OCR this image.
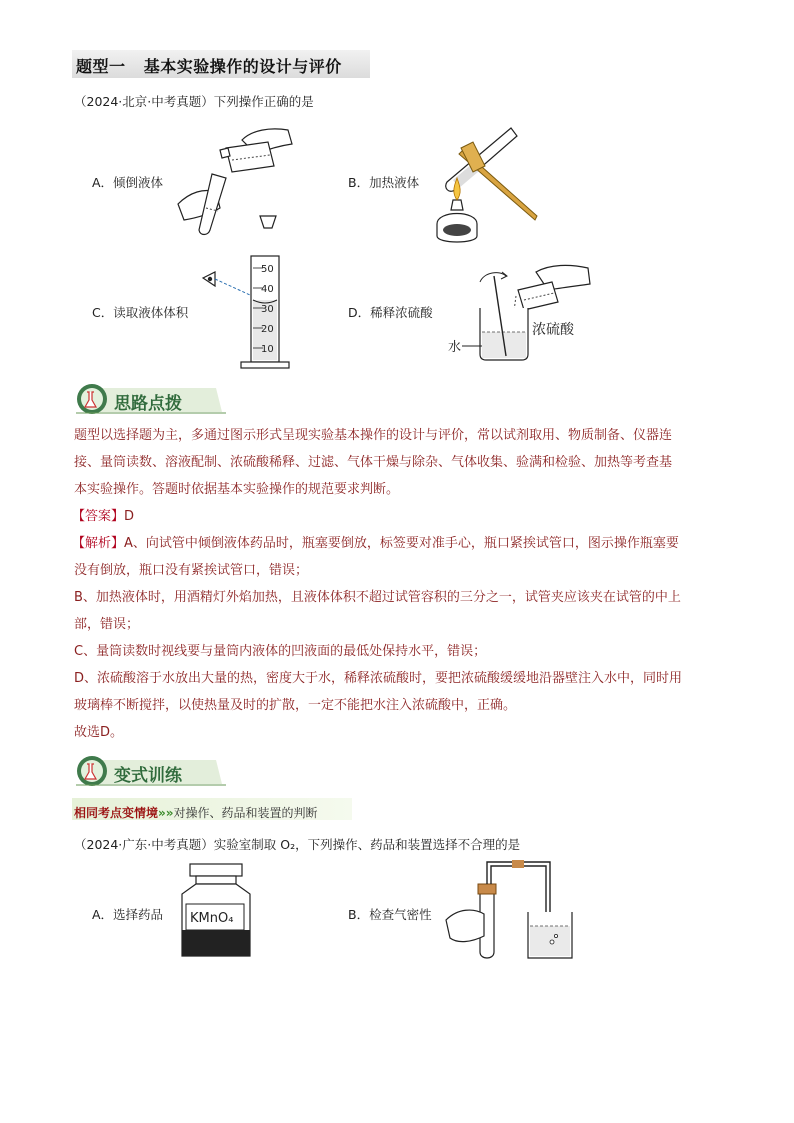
题型一   基本实验操作的设计与评价
（2024·北京·中考真题）下列操作正确的是
A．倾倒液体	B．加热液体
C．读取液体体积	D．稀释浓硫酸
50
40
30
20
10	水
浓硫酸
思路点拨
题型以选择题为主，多通过图示形式呈现实验基本操作的设计与评价，常以试剂取用、物质制备、仪器连
接、量筒读数、溶液配制、浓硫酸稀释、过滤、气体干燥与除杂、气体收集、验满和检验、加热等考查基
本实验操作。答题时依据基本实验操作的规范要求判断。
【答案】D
【解析】A、向试管中倾倒液体药品时，瓶塞要倒放，标签要对准手心，瓶口紧挨试管口，图示操作瓶塞要
没有倒放，瓶口没有紧挨试管口，错误；
B、加热液体时，用酒精灯外焰加热，且液体体积不超过试管容积的三分之一，试管夹应该夹在试管的中上
部，错误；
C、量筒读数时视线要与量筒内液体的凹液面的最低处保持水平，错误；
D、浓硫酸溶于水放出大量的热，密度大于水，稀释浓硫酸时，要把浓硫酸缓缓地沿器壁注入水中，同时用
玻璃棒不断搅拌，以使热量及时的扩散，一定不能把水注入浓硫酸中，正确。
故选D。
变式训练
相同考点变情境»»对操作、药品和装置的判断
（2024·广东·中考真题）实验室制取 O₂，下列操作、药品和装置选择不合理的是
A．选择药品	B．检查气密性
KMnO₄
